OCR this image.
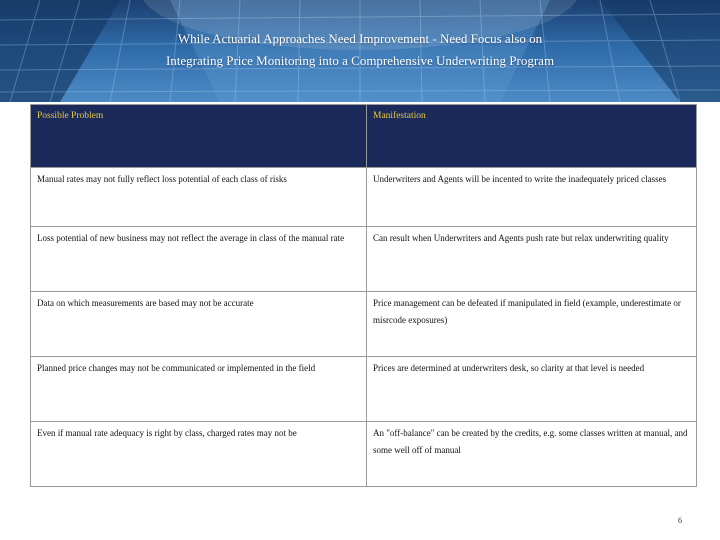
While Actuarial Approaches Need Improvement - Need Focus also on
Integrating Price Monitoring into a Comprehensive Underwriting Program
Possible Problem	Manifestation
Manual rates may not fully reflect loss potential of each class of risks	Underwriters and Agents will be incented to write the inadequately priced classes
Loss potential of new business may not reflect the average in class of the manual rate	Can result when Underwriters and Agents push rate but relax underwriting quality
Data on which measurements are based may not be accurate	Price management can be defeated if manipulated in field (example, underestimate or misrcode exposures)
Planned price changes may not be communicated or implemented in the field	Prices are determined at underwriters desk, so clarity at that level is needed
Even if manual rate adequacy is right by class, charged rates may not be	An "off-balance" can be created by the credits, e.g. some classes written at manual, and some well off of manual
6
